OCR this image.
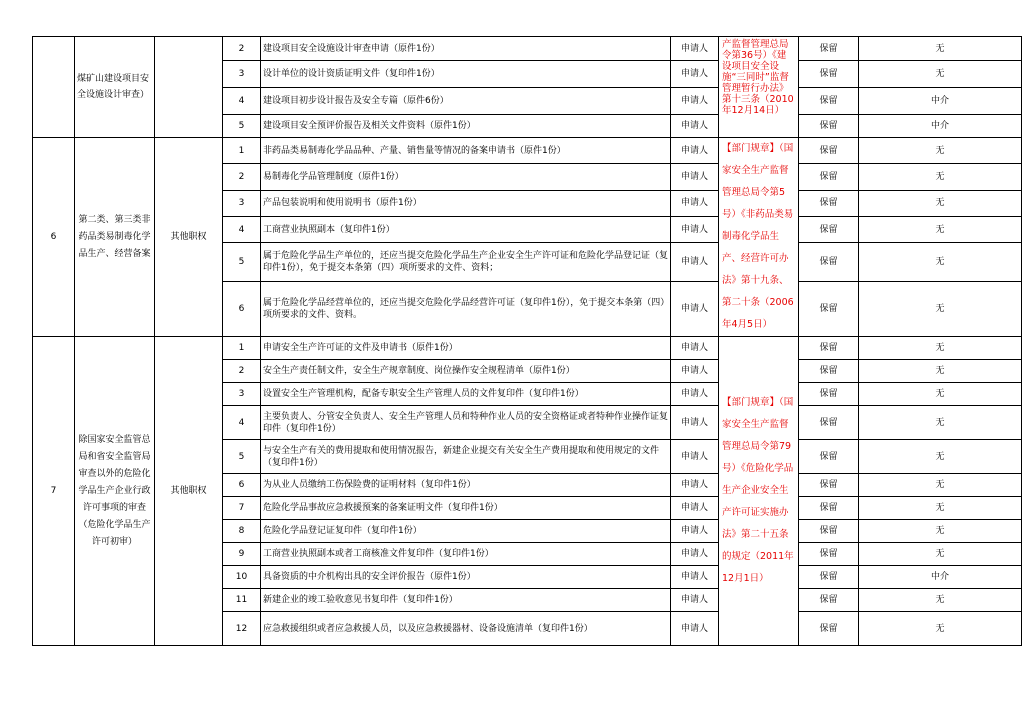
	煤矿山建设项目安全设施设计审查）		2	建设项目安全设施设计审查申请（原件1份）	申请人	产监督管理总局令第36号）《建设项目安全设施“三同时”监督管理暂行办法》第十三条（2010年12月14日）	保留	无
			3	设计单位的设计资质证明文件（复印件1份）	申请人		保留	无
			4	建设项目初步设计报告及安全专篇（原件6份）	申请人		保留	中介
			5	建设项目安全预评价报告及相关文件资料（原件1份）	申请人		保留	中介
6	第二类、第三类非药品类易制毒化学品生产、经营备案	其他职权	1	非药品类易制毒化学品品种、产量、销售量等情况的备案申请书（原件1份）	申请人	【部门规章】（国家安全生产监督管理总局令第5号）《非药品类易制毒化学品生产、经营许可办法》第十九条、第二十条（2006年4月5日）	保留	无
			2	易制毒化学品管理制度（原件1份）	申请人		保留	无
			3	产品包装说明和使用说明书（原件1份）	申请人		保留	无
			4	工商营业执照副本（复印件1份）	申请人		保留	无
			5	属于危险化学品生产单位的，还应当提交危险化学品生产企业安全生产许可证和危险化学品登记证（复印件1份），免于提交本条第（四）项所要求的文件、资料；	申请人		保留	无
			6	属于危险化学品经营单位的，还应当提交危险化学品经营许可证（复印件1份），免于提交本条第（四）项所要求的文件、资料。	申请人		保留	无
7	除国家安全监管总局和省安全监管局审查以外的危险化学品生产企业行政许可事项的审查（危险化学品生产许可初审）	其他职权	1	申请安全生产许可证的文件及申请书（原件1份）	申请人	【部门规章】（国家安全生产监督管理总局令第79号）《危险化学品生产企业安全生产许可证实施办法》第二十五条的规定（2011年12月1日）	保留	无
			2	安全生产责任制文件，安全生产规章制度、岗位操作安全规程清单（原件1份）	申请人		保留	无
			3	设置安全生产管理机构，配备专职安全生产管理人员的文件复印件（复印件1份）	申请人		保留	无
			4	主要负责人、分管安全负责人、安全生产管理人员和特种作业人员的安全资格证或者特种作业操作证复印件（复印件1份）	申请人		保留	无
			5	与安全生产有关的费用提取和使用情况报告，新建企业提交有关安全生产费用提取和使用规定的文件（复印件1份）	申请人		保留	无
			6	为从业人员缴纳工伤保险费的证明材料（复印件1份）	申请人		保留	无
			7	危险化学品事故应急救援预案的备案证明文件（复印件1份）	申请人		保留	无
			8	危险化学品登记证复印件（复印件1份）	申请人		保留	无
			9	工商营业执照副本或者工商核准文件复印件（复印件1份）	申请人		保留	无
			10	具备资质的中介机构出具的安全评价报告（原件1份）	申请人		保留	中介
			11	新建企业的竣工验收意见书复印件（复印件1份）	申请人		保留	无
			12	应急救援组织或者应急救援人员，以及应急救援器材、设备设施清单（复印件1份）	申请人		保留	无
